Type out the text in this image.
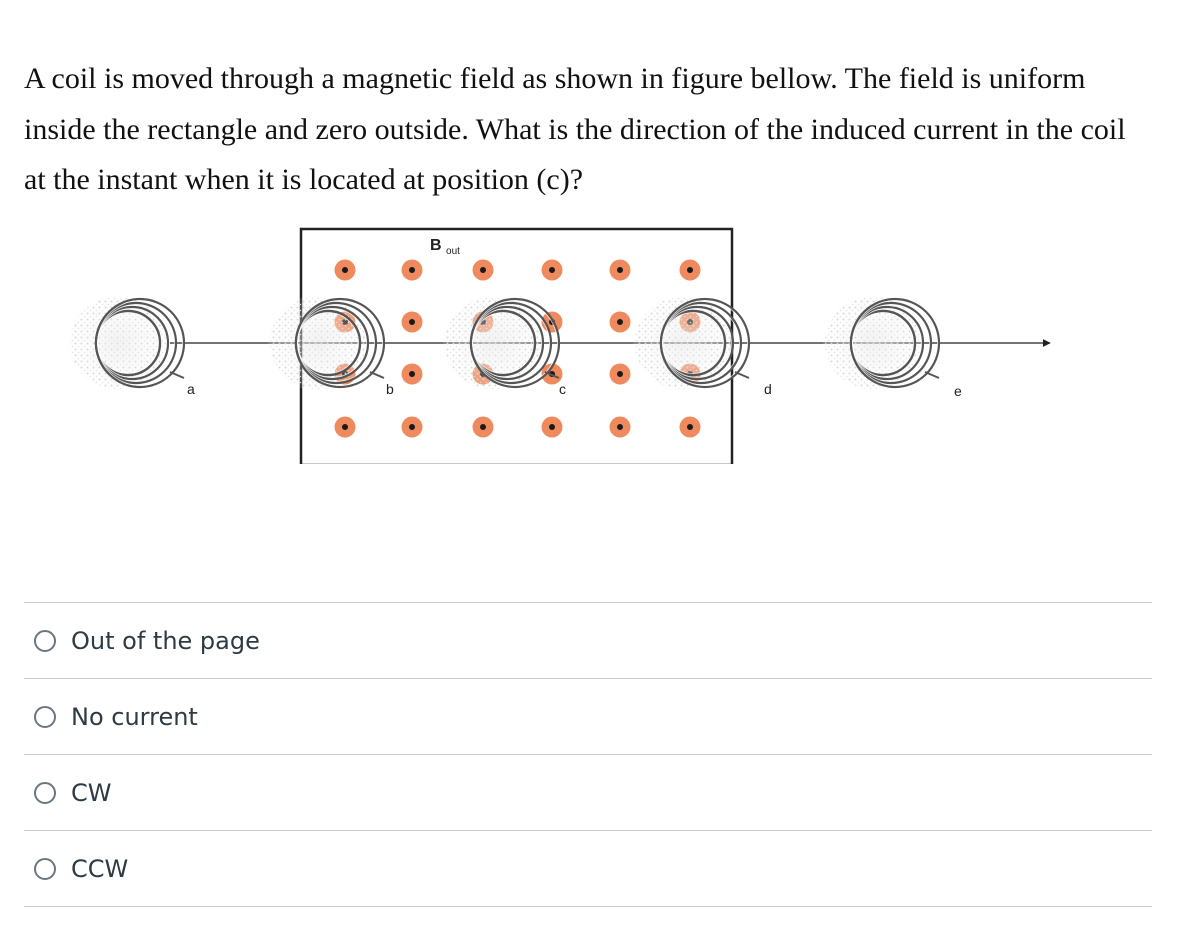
A coil is moved through a magnetic field as shown in figure bellow. The field is uniform inside the rectangle and zero outside. What is the direction of the induced current in the coil at the instant when it is located at position (c)?
a	b	c	d	e
B $_{out}$
Out of the page
No current
CW
CCW
